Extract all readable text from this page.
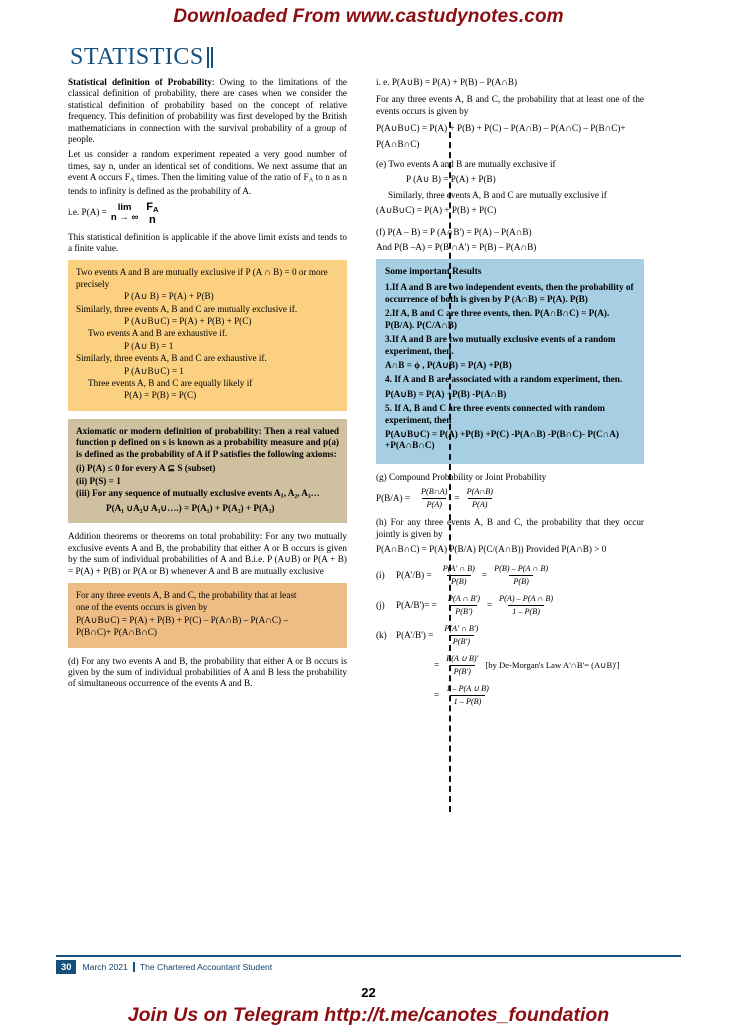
Downloaded From www.castudynotes.com
STATISTICS

Statistical definition of Probability: Owing to the limitations of the classical definition of probability, there are cases when we consider the statistical definition of probability based on the concept of relative frequency. This definition of probability was first developed by the British mathematicians in connection with the survival probability of a group of people.

Let us consider a random experiment repeated a very good number of times, say n, under an identical set of conditions. We next assume that an event A occurs $F_A$ times. Then the limiting value of the ratio of $F_A$ to n as n tends to infinity is defined as the probability of A.

i.e. P(A) = lim
n → ∞
$F_A$
n

This statistical definition is applicable if the above limit exists and tends to a finite value.

Two events A and B are mutually exclusive if P (A ∩ B) = 0 or more precisely
P (A∪ B) = P(A) + P(B)
Similarly, three events A, B and C are mutually exclusive if.
P (A∪B∪C) = P(A) + P(B) + P(C)
Two events A and B are exhaustive if.
P (A∪ B) = 1
Similarly, three events A, B and C are exhaustive if.
P (A∪B∪C) = 1
Three events A, B and C are equally likely if
P(A) = P(B) = P(C)
Axiomatic or modern definition of probability: Then a real valued function p defined on s is known as a probability measure and p(a) is defined as the probability of A if P satisfies the following axioms:
(i) P(A) ≤ 0 for every A ⊆ S (subset)
(ii) P(S) = 1
(iii) For any sequence of mutually exclusive events $A_1$, A₂, A₃…
P(A₁ ∪A₂∪ A₃∪….) = P(A₁) + P(A₂) + P(A₃)

Addition theorems or theorems on total probability: For any two mutually exclusive events A and B, the probability that either A or B occurs is given by the sum of individual probabilities of A and B.i.e. P (A∪B) or P(A + B) = P(A) + P(B) or P(A or B) whenever A and B are mutually exclusive

For any three events A, B and C, the probability that at least
one of the events occurs is given by
P(A∪B∪C) = P(A) + P(B) + P(C) – P(A∩B) – P(A∩C) –
P(B∩C)+ P(A∩B∩C)

(d) For any two events A and B, the probability that either A or B occurs is given by the sum of individual probabilities of A and B less the probability of simultaneous occurrence of the events A and B.

i. e. P(A∪B) = P(A) + P(B) – P(A∩B)

For any three events A, B and C, the probability that at least one of the events occurs is given by

P(A∪B∪C) = P(A) + P(B) + P(C) – P(A∩B) – P(A∩C) – P(B∩C)+
P(A∩B∩C)
(e) Two events A and B are mutually exclusive if
P (A∪ B) = P(A) + P(B)
Similarly, three events A, B and C are mutually exclusive if
(A∪B∪C) = P(A) + P(B) + P(C)
(f) P(A – B) = P (A∩B') = P(A) – P(A∩B)
And P(B –A) = P(B ∩A') = P(B) – P(A∩B)
Some important Results
1.If A and B are two independent events, then the probability of occurrence of both is given by P (A∩B) = P(A). P(B)
2.If A, B and C are three events, then. P(A∩B∩C) = P(A). P(B/A). P(C/A∩B)
3.If A and B are two mutually exclusive events of a random experiment, then.
A∩B = ϕ , P(A∪B) = P(A) +P(B)
4. If A and B are associated with a random experiment, then.
P(A∪B) = P(A) +P(B) -P(A∩B)
5. If A, B and C are three events connected with random experiment, then
P(A∪B∪C) = P(A) +P(B) +P(C) -P(A∩B) -P(B∩C)- P(C∩A) +P(A∩B∩C)

(g) Compound Probability or Joint Probability

$P(B/A) = \frac{P(B\cap A)}{P(A)} = \frac{P(A\cap B)}{P(A)}$

(h) For any three events A, B and C, the probability that they occur jointly is given by

P(A∩B∩C) = P(A) P(B/A) P(C/(A∩B)) Provided P(A∩B) > 0
(i)	$P(A'/B) = \frac{P(A' \cap B)}{P(B)} = \frac{P(B) - P(A \cap B)}{P(B)}$
(j)	$P(A/B')= = \frac{P(A \cap B')}{P(B')} = \frac{P(A) - P(A \cap B)}{1 - P(B)}$
(k)	$P(A'/B') = \frac{P(A' \cap B')}{P(B')}$
= $\frac{P(A \cup B)'}{P(B')} [by$ De-Morgan's Law A'∩B'= (A∪B)']
= $\frac{1 - P(A \cup B)}{1 - P(B)}$
30	March 2021 The Chartered Accountant Student
22
Join Us on Telegram http://t.me/canotes_foundation
